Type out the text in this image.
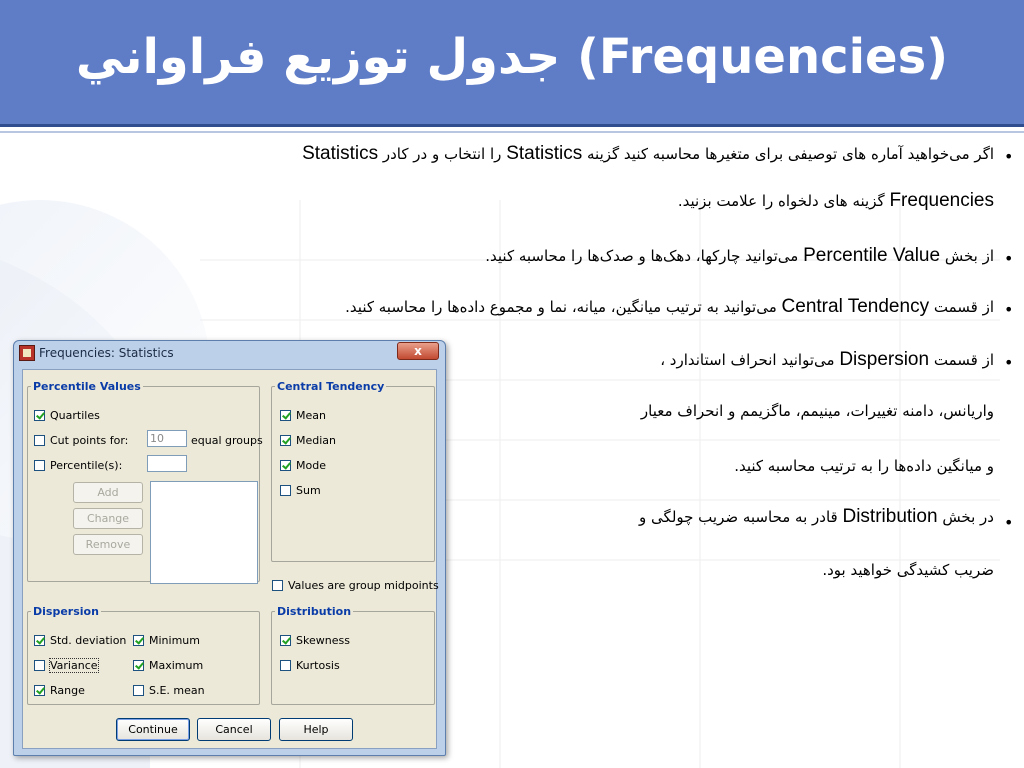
جدول توزیع فراواني (Frequencies)
•
اگر می‌خواهید آماره های توصیفی برای متغیرها محاسبه کنید گزینه Statistics را انتخاب و در کادر Statistics
Frequencies گزینه های دلخواه را علامت بزنید.
•
از بخش Percentile Value می‌توانید چارکها، دهک‌ها و صدک‌ها را محاسبه کنید.
•
از قسمت Central Tendency می‌توانید به ترتیب میانگین، میانه، نما و مجموع داده‌ها را محاسبه کنید.
•
از قسمت Dispersion می‌توانید انحراف استاندارد ،
واریانس، دامنه تغییرات، مینیمم، ماگزیمم و انحراف معیار
و میانگین داده‌ها را به ترتیب محاسبه کنید.
•
در بخش Distribution قادر به محاسبه ضریب چولگی و
ضریب کشیدگی خواهید بود.
Frequencies: Statistics	x
Percentile Values
Quartiles
Cut points for: 10	equal groups
Percentile(s):
Add
Change
Remove
Central Tendency
Mean
Median
Mode
Sum
Values are group midpoints
Dispersion
Std. deviation Minimum
Variance	Maximum
Range	S.E. mean
Distribution
Skewness
Kurtosis
Continue	Cancel	Help
